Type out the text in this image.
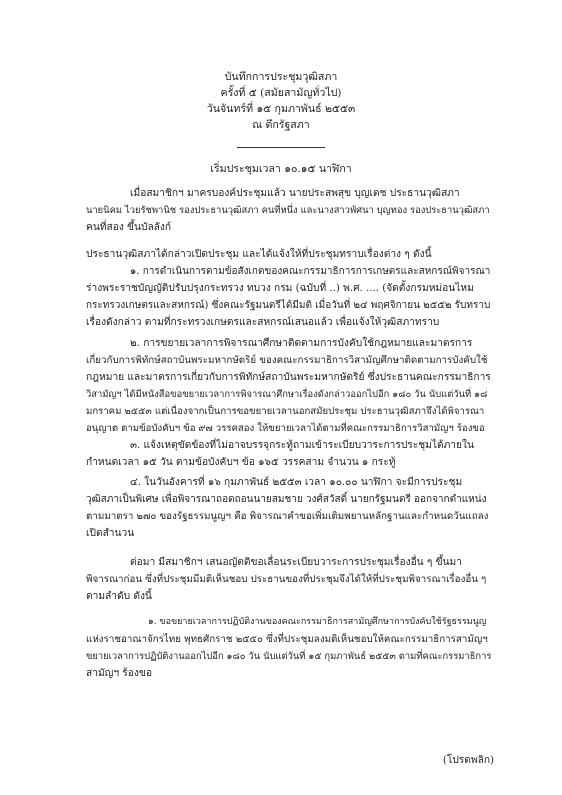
บันทึกการประชุมวุฒิสภา
ครั้งที่ ๕ (สมัยสามัญทั่วไป)
วันจันทร์ที่ ๑๕ กุมภาพันธ์ ๒๕๕๓
ณ ตึกรัฐสภา
เริ่มประชุมเวลา ๑๐.๑๕ นาฬิกา
เมื่อสมาชิกฯ มาครบองค์ประชุมแล้ว นายประสพสุข บุญเดช ประธานวุฒิสภา
นายนิคม ไวยรัชพานิช รองประธานวุฒิสภา คนที่หนึ่ง และนางสาวพัศนา บุญทอง รองประธานวุฒิสภา
คนที่สอง ขึ้นบัลลังก์
ประธานวุฒิสภาได้กล่าวเปิดประชุม และได้แจ้งให้ที่ประชุมทราบเรื่องต่าง ๆ ดังนี้
๑. การดำเนินการตามข้อสังเกตของคณะกรรมาธิการการเกษตรและสหกรณ์พิจารณา
ร่างพระราชบัญญัติปรับปรุงกระทรวง ทบวง กรม (ฉบับที่ ..) พ.ศ. .... (จัดตั้งกรมหม่อนไหม
กระทรวงเกษตรและสหกรณ์) ซึ่งคณะรัฐมนตรีได้มีมติ เมื่อวันที่ ๒๔ พฤศจิกายน ๒๕๕๒ รับทราบ
เรื่องดังกล่าว ตามที่กระทรวงเกษตรและสหกรณ์เสนอแล้ว เพื่อแจ้งให้วุฒิสภาทราบ
๒. การขยายเวลาการพิจารณาศึกษาติดตามการบังคับใช้กฎหมายและมาตรการ
เกี่ยวกับการพิทักษ์สถาบันพระมหากษัตริย์ ของคณะกรรมาธิการวิสามัญศึกษาติดตามการบังคับใช้
กฎหมาย และมาตรการเกี่ยวกับการพิทักษ์สถาบันพระมหากษัตริย์ ซึ่งประธานคณะกรรมาธิการ
วิสามัญฯ ได้มีหนังสือขอขยายเวลาการพิจารณาศึกษาเรื่องดังกล่าวออกไปอีก ๑๘๐ วัน นับแต่วันที่ ๑๘
มกราคม ๒๕๕๓ แต่เนื่องจากเป็นการขอขยายเวลานอกสมัยประชุม ประธานวุฒิสภาจึงได้พิจารณา
อนุญาต ตามข้อบังคับฯ ข้อ ๙๗ วรรคสอง ให้ขยายเวลาได้ตามที่คณะกรรมาธิการวิสามัญฯ ร้องขอ
๓. แจ้งเหตุขัดข้องที่ไม่อาจบรรจุกระทู้ถามเข้าระเบียบวาระการประชุมได้ภายใน
กำหนดเวลา ๑๕ วัน ตามข้อบังคับฯ ข้อ ๑๖๕ วรรคสาม จำนวน ๑ กระทู้
๔. ในวันอังคารที่ ๑๖ กุมภาพันธ์ ๒๕๕๓ เวลา ๑๐.๐๐ นาฬิกา จะมีการประชุม
วุฒิสภาเป็นพิเศษ เพื่อพิจารณาถอดถอนนายสมชาย วงศ์สวัสดิ์ นายกรัฐมนตรี ออกจากตำแหน่ง
ตามมาตรา ๒๗๐ ของรัฐธรรมนูญฯ คือ พิจารณาคำขอเพิ่มเติมพยานหลักฐานและกำหนดวันแถลง
เปิดสำนวน
ต่อมา มีสมาชิกฯ เสนอญัตติขอเลื่อนระเบียบวาระการประชุมเรื่องอื่น ๆ ขึ้นมา
พิจารณาก่อน ซึ่งที่ประชุมมีมติเห็นชอบ ประธานของที่ประชุมจึงได้ให้ที่ประชุมพิจารณาเรื่องอื่น ๆ
ตามลำดับ ดังนี้
๑. ขอขยายเวลาการปฏิบัติงานของคณะกรรมาธิการสามัญศึกษาการบังคับใช้รัฐธรรมนูญ
แห่งราชอาณาจักรไทย พุทธศักราช ๒๕๕๐ ซึ่งที่ประชุมลงมติเห็นชอบให้คณะกรรมาธิการสามัญฯ
ขยายเวลาการปฏิบัติงานออกไปอีก ๑๘๐ วัน นับแต่วันที่ ๑๕ กุมภาพันธ์ ๒๕๕๓ ตามที่คณะกรรมาธิการ
สามัญฯ ร้องขอ
(โปรดพลิก)
